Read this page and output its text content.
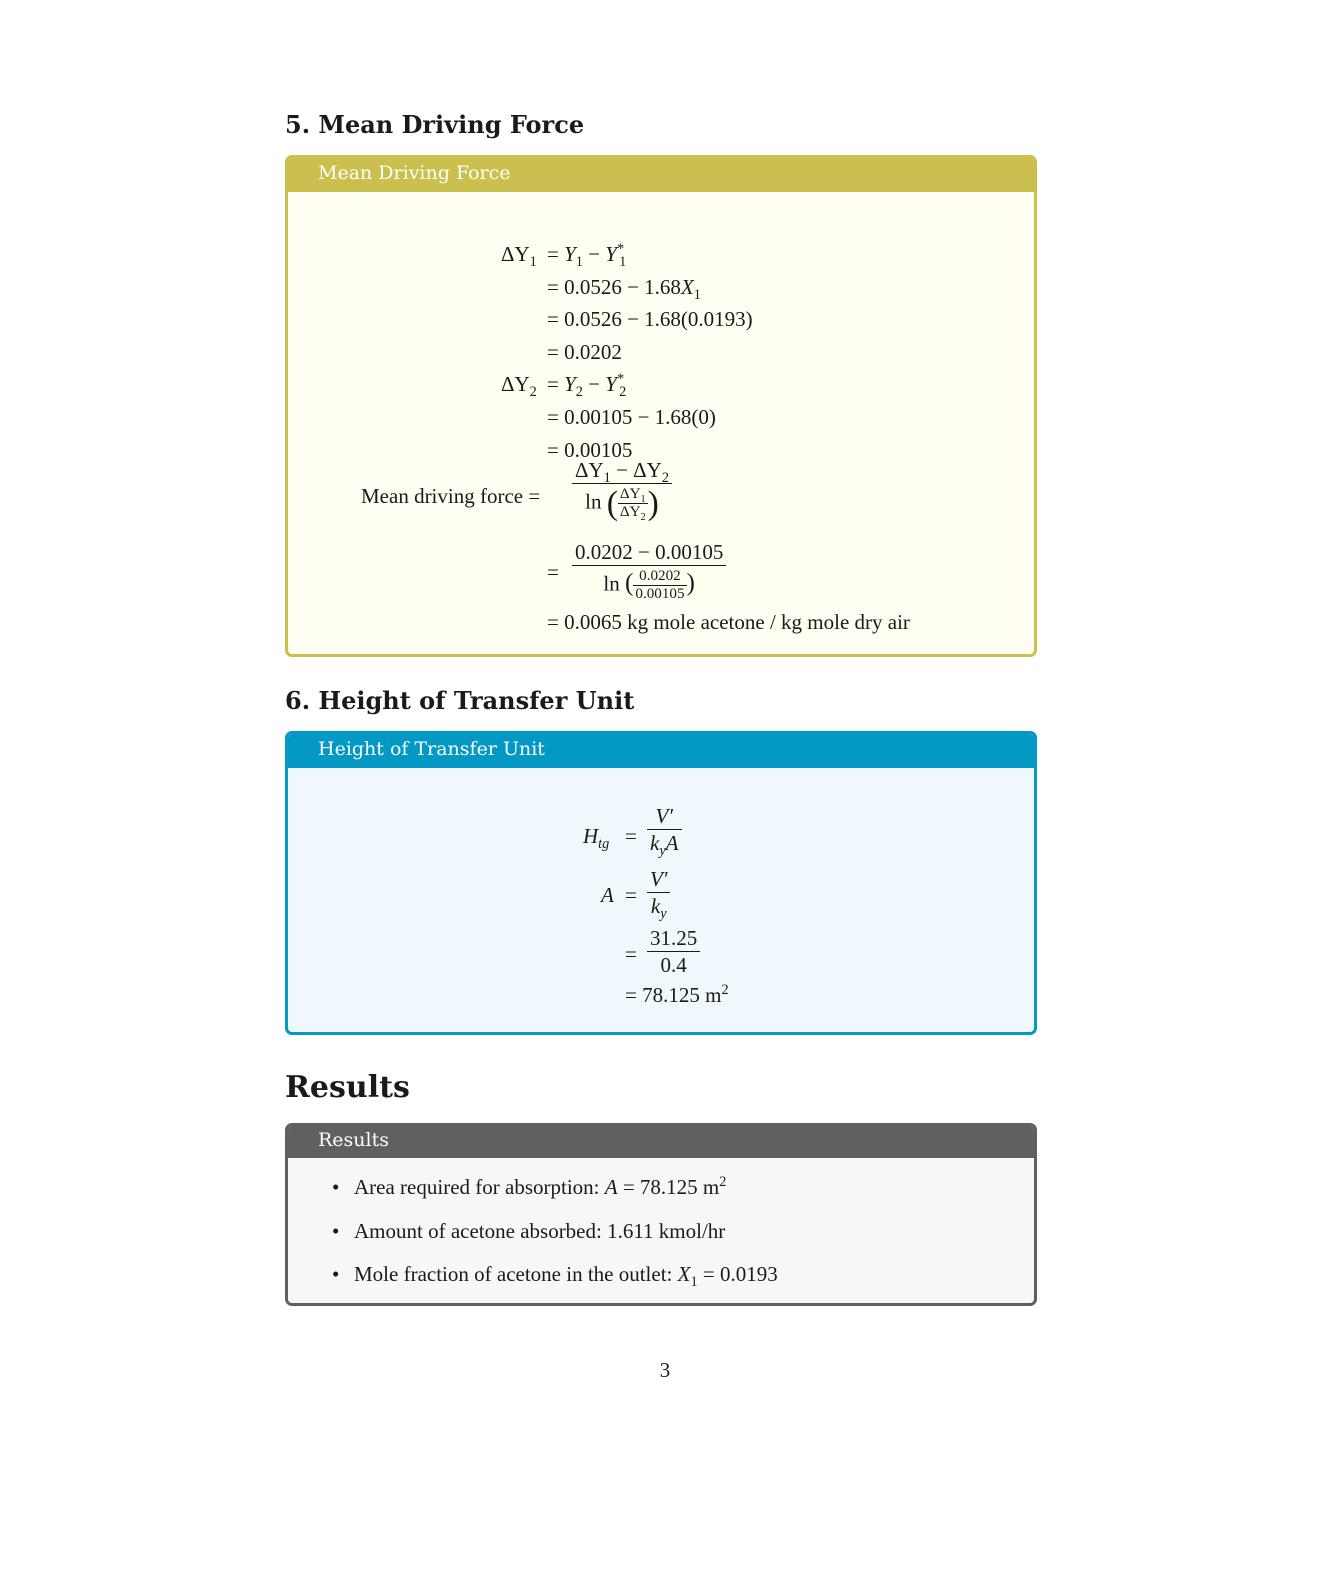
5. Mean Driving Force
Mean Driving Force
$\Delta Y_1 = Y_1 - Y^*_1$
= $0.0526 - 1.68X_1$
= 0.0526 − 1.68(0.0193)
= 0.0202
$\Delta Y_2 = Y_2 - Y^*_2$
= 0.00105 − 1.68(0)
= 0.00105
Mean driving force = $\frac{\Delta Y_1 - \Delta Y_2}{\ln ( \frac{\Delta Y_1}{\Delta Y_2} )}$
=
0.0202 − 0.00105
ln ( $\frac{0.0202}{0.00105}$ )
= 0.0065 kg mole acetone / kg mole dry air
6. Height of Transfer Unit
Height of Transfer Unit
$H_{tg} = \frac{V'}{k_yA}$
$A = \frac{V'}{k_y}$
= $\frac{31.25}{0.4}$
= 78.125 $m^2$
Results
Results
• Area required for absorption: A = 78.125 $m^2$
• Amount of acetone absorbed: 1.611 kmol/hr
• Mole fraction of acetone in the outlet: $X_1 = 0.0193$
3
